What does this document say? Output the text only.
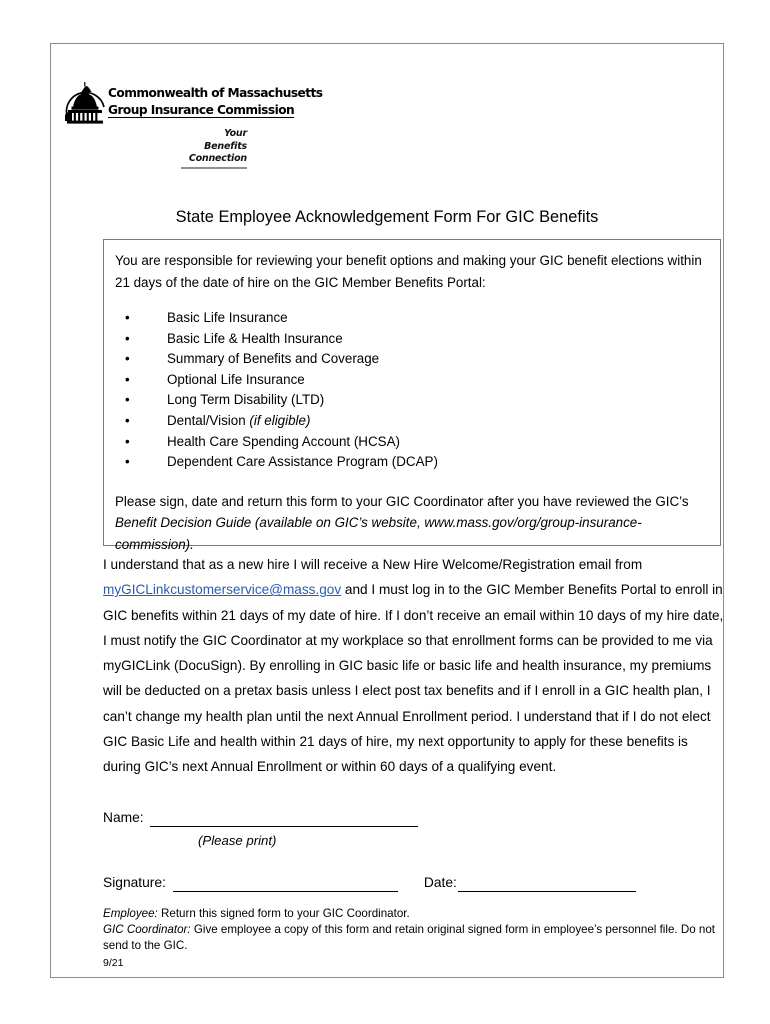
Commonwealth of Massachusetts
Group Insurance Commission
Your
Benefits
Connection
State Employee Acknowledgement Form For GIC Benefits

You are responsible for reviewing your benefit options and making your GIC benefit elections within 21 days of the date of hire on the GIC Member Benefits Portal:

•	Basic Life Insurance
•	Basic Life & Health Insurance
•	Summary of Benefits and Coverage
•	Optional Life Insurance
•	Long Term Disability (LTD)
•	Dental/Vision (if eligible)
•	Health Care Spending Account (HCSA)
•	Dependent Care Assistance Program (DCAP)

Please sign, date and return this form to your GIC Coordinator after you have reviewed the GIC’s Benefit Decision Guide (available on GIC’s website, www.mass.gov/org/group-insurance-commission).

I understand that as a new hire I will receive a New Hire Welcome/Registration email from myGICLinkcustomerservice@mass.gov and I must log in to the GIC Member Benefits Portal to enroll in GIC benefits within 21 days of my date of hire. If I don’t receive an email within 10 days of my hire date, I must notify the GIC Coordinator at my workplace so that enrollment forms can be provided to me via myGICLink (DocuSign). By enrolling in GIC basic life or basic life and health insurance, my premiums will be deducted on a pretax basis unless I elect post tax benefits and if I enroll in a GIC health plan, I can’t change my health plan until the next Annual Enrollment period. I understand that if I do not elect GIC Basic Life and health within 21 days of hire, my next opportunity to apply for these benefits is during GIC’s next Annual Enrollment or within 60 days of a qualifying event.

Name:
(Please print)
Signature:	Date:

Employee: Return this signed form to your GIC Coordinator.

GIC Coordinator: Give employee a copy of this form and retain original signed form in employee’s personnel file. Do not send to the GIC.

9/21
